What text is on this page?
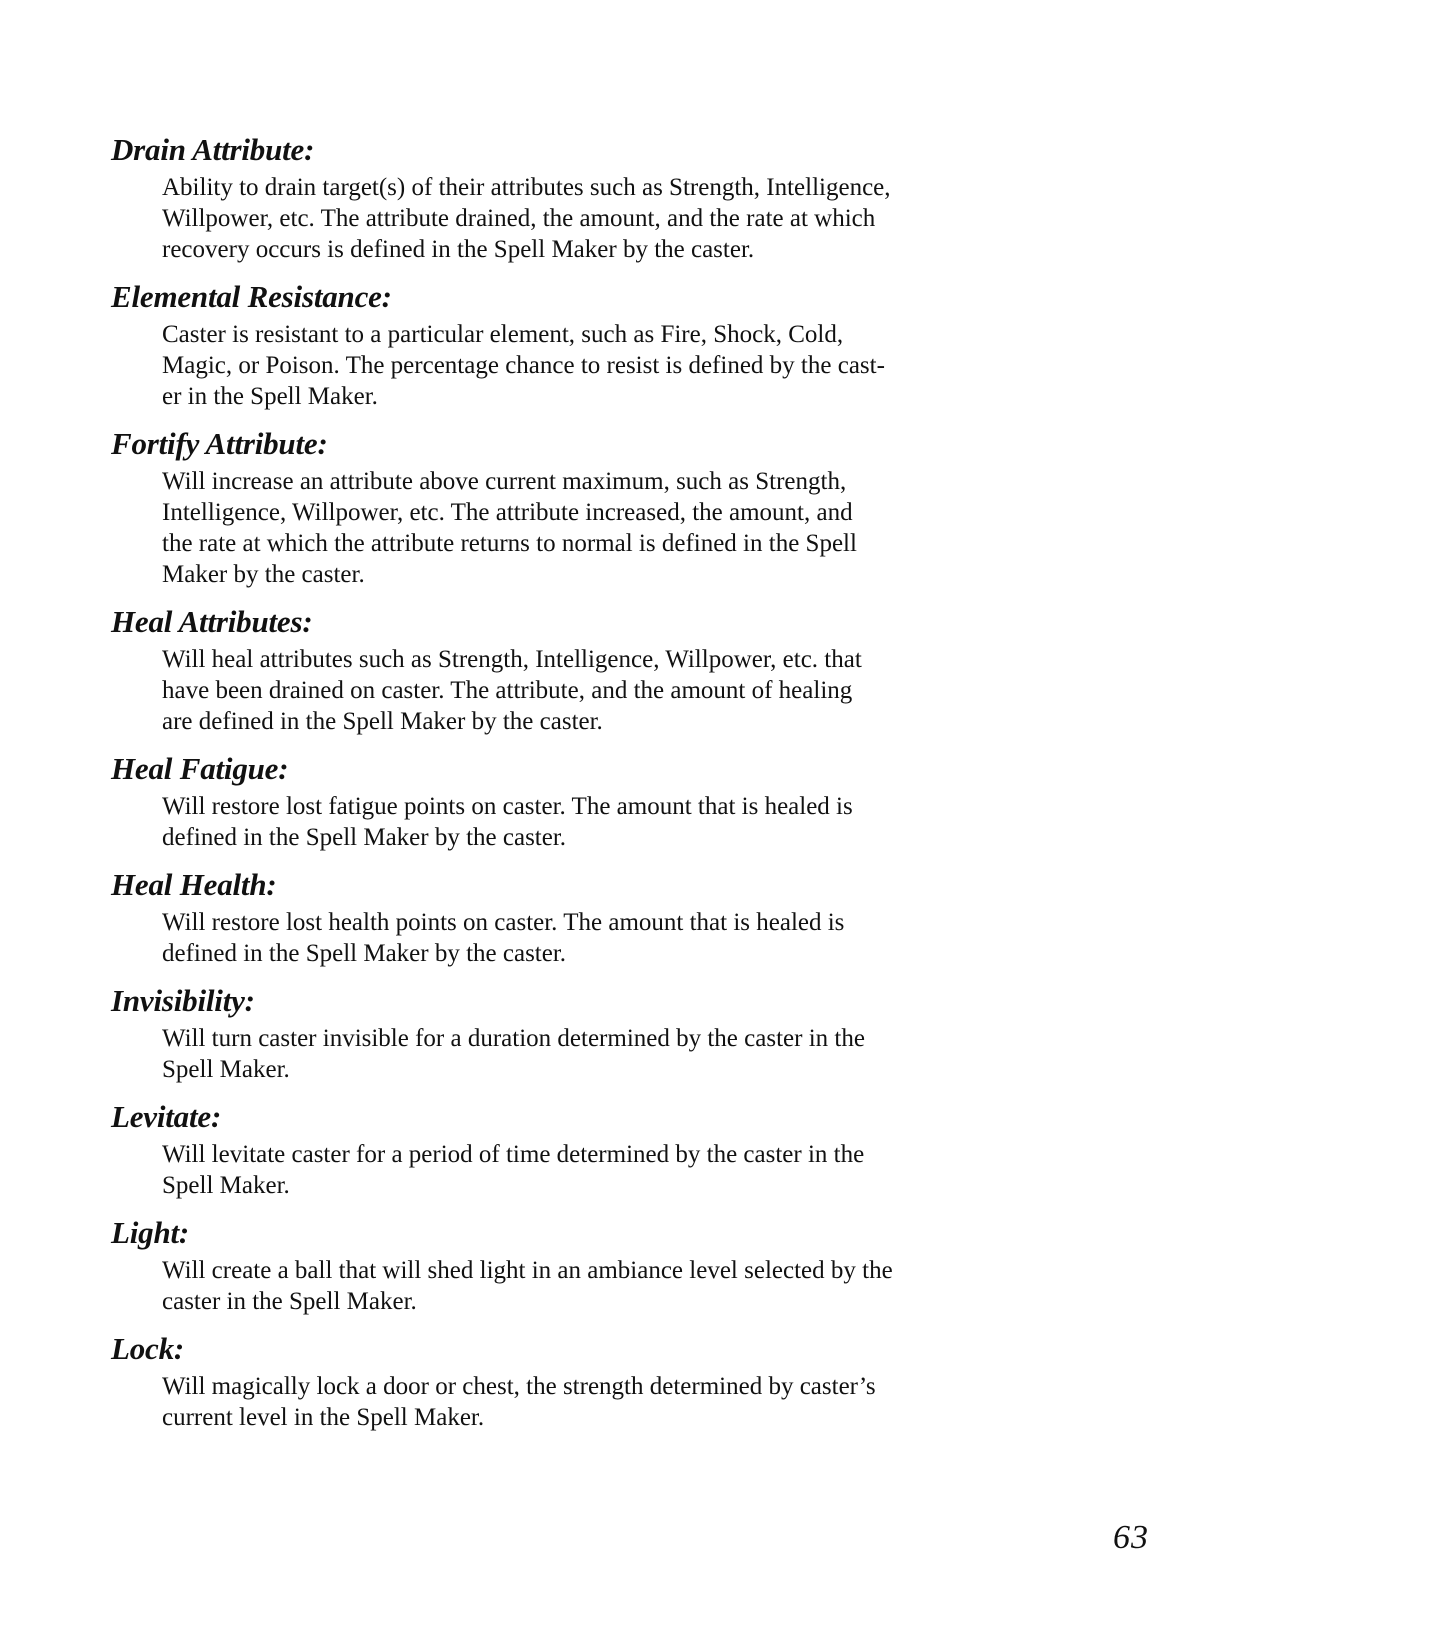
Drain Attribute:
Ability to drain target(s) of their attributes such as Strength, Intelligence,
Willpower, etc. The attribute drained, the amount, and the rate at which
recovery occurs is defined in the Spell Maker by the caster.
Elemental Resistance:
Caster is resistant to a particular element, such as Fire, Shock, Cold,
Magic, or Poison. The percentage chance to resist is defined by the cast-
er in the Spell Maker.
Fortify Attribute:
Will increase an attribute above current maximum, such as Strength,
Intelligence, Willpower, etc. The attribute increased, the amount, and
the rate at which the attribute returns to normal is defined in the Spell
Maker by the caster.
Heal Attributes:
Will heal attributes such as Strength, Intelligence, Willpower, etc. that
have been drained on caster. The attribute, and the amount of healing
are defined in the Spell Maker by the caster.
Heal Fatigue:
Will restore lost fatigue points on caster. The amount that is healed is
defined in the Spell Maker by the caster.
Heal Health:
Will restore lost health points on caster. The amount that is healed is
defined in the Spell Maker by the caster.
Invisibility:
Will turn caster invisible for a duration determined by the caster in the
Spell Maker.
Levitate:
Will levitate caster for a period of time determined by the caster in the
Spell Maker.
Light:
Will create a ball that will shed light in an ambiance level selected by the
caster in the Spell Maker.
Lock:
Will magically lock a door or chest, the strength determined by caster’s
current level in the Spell Maker.
63
